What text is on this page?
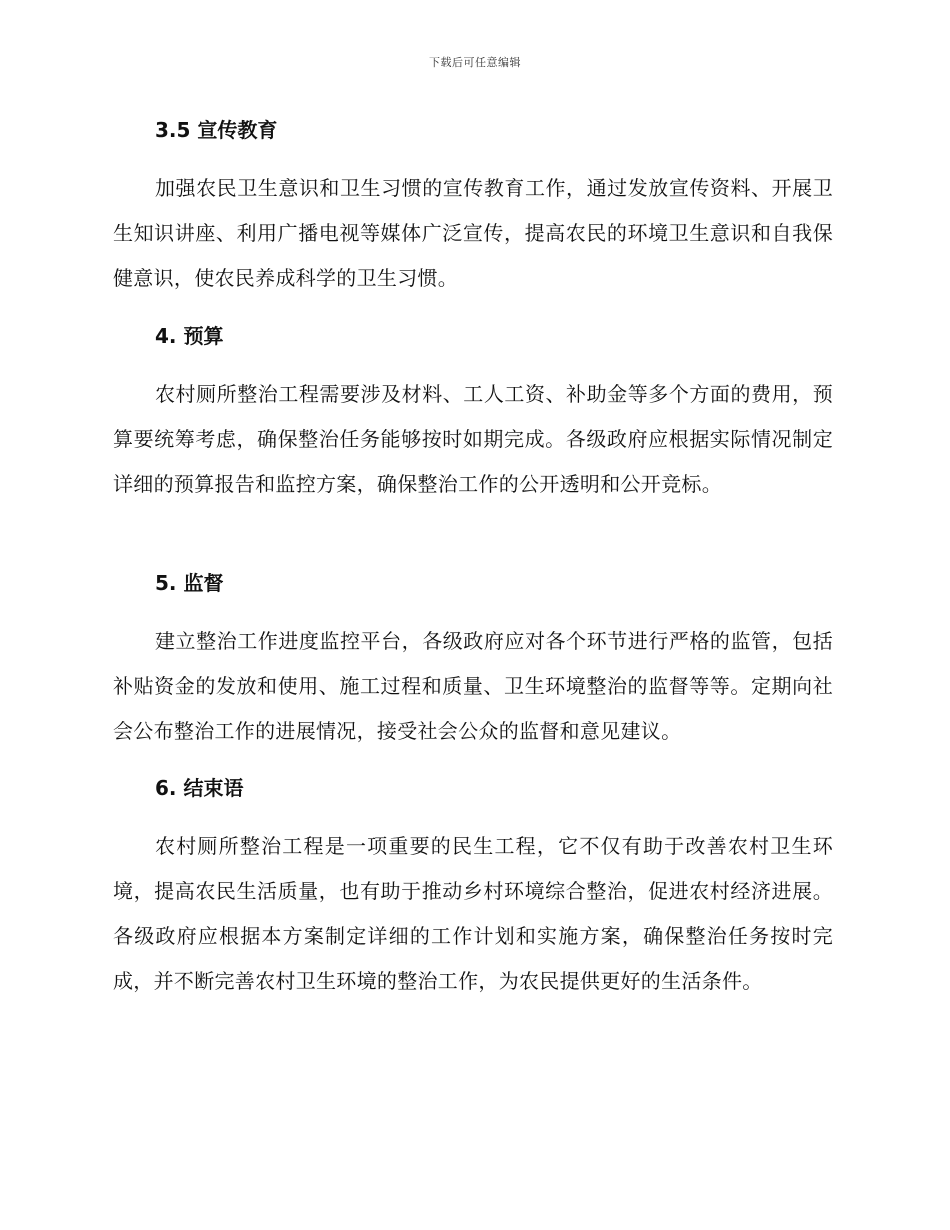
下载后可任意编辑
3.5 宣传教育

加强农民卫生意识和卫生习惯的宣传教育工作，通过发放宣传资料、开展卫生知识讲座、利用广播电视等媒体广泛宣传，提高农民的环境卫生意识和自我保健意识，使农民养成科学的卫生习惯。

4. 预算

农村厕所整治工程需要涉及材料、工人工资、补助金等多个方面的费用，预算要统筹考虑，确保整治任务能够按时如期完成。各级政府应根据实际情况制定详细的预算报告和监控方案，确保整治工作的公开透明和公开竞标。

5. 监督

建立整治工作进度监控平台，各级政府应对各个环节进行严格的监管，包括补贴资金的发放和使用、施工过程和质量、卫生环境整治的监督等等。定期向社会公布整治工作的进展情况，接受社会公众的监督和意见建议。

6. 结束语

农村厕所整治工程是一项重要的民生工程，它不仅有助于改善农村卫生环境，提高农民生活质量，也有助于推动乡村环境综合整治，促进农村经济进展。各级政府应根据本方案制定详细的工作计划和实施方案，确保整治任务按时完成，并不断完善农村卫生环境的整治工作，为农民提供更好的生活条件。
